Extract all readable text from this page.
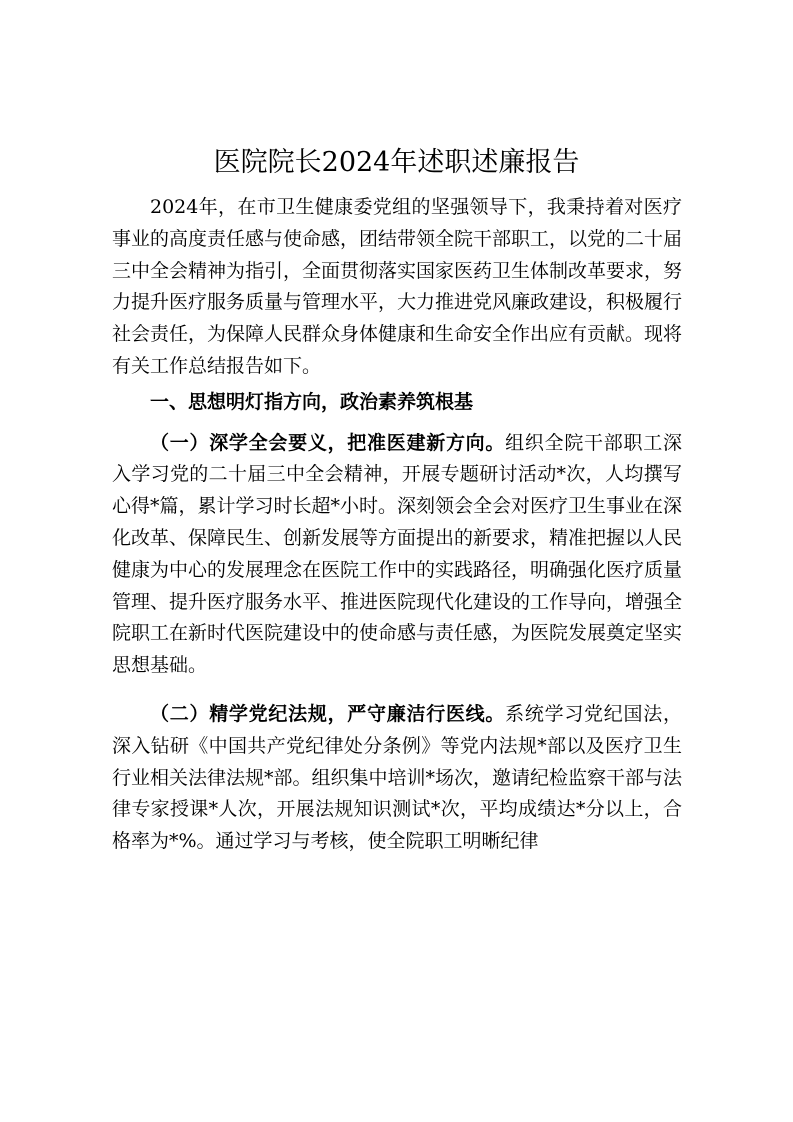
医院院长2024年述职述廉报告

2024年，在市卫生健康委党组的坚强领导下，我秉持着对医疗事业的高度责任感与使命感，团结带领全院干部职工，以党的二十届三中全会精神为指引，全面贯彻落实国家医药卫生体制改革要求，努力提升医疗服务质量与管理水平，大力推进党风廉政建设，积极履行社会责任，为保障人民群众身体健康和生命安全作出应有贡献。现将有关工作总结报告如下。

一、思想明灯指方向，政治素养筑根基

（一）深学全会要义，把准医建新方向。组织全院干部职工深入学习党的二十届三中全会精神，开展专题研讨活动*次，人均撰写心得*篇，累计学习时长超*小时。深刻领会全会对医疗卫生事业在深化改革、保障民生、创新发展等方面提出的新要求，精准把握以人民健康为中心的发展理念在医院工作中的实践路径，明确强化医疗质量管理、提升医疗服务水平、推进医院现代化建设的工作导向，增强全院职工在新时代医院建设中的使命感与责任感，为医院发展奠定坚实思想基础。

（二）精学党纪法规，严守廉洁行医线。系统学习党纪国法，深入钻研《中国共产党纪律处分条例》等党内法规*部以及医疗卫生行业相关法律法规*部。组织集中培训*场次，邀请纪检监察干部与法律专家授课*人次，开展法规知识测试*次，平均成绩达*分以上，合格率为*%。通过学习与考核，使全院职工明晰纪律
